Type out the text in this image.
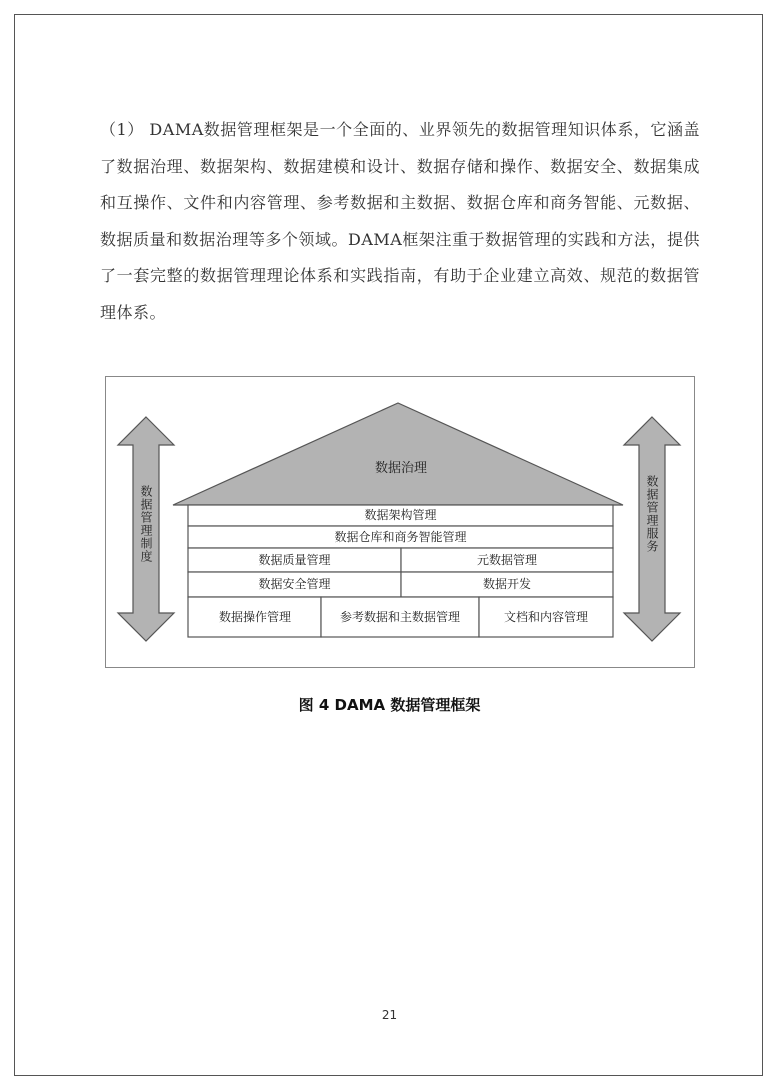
（1） DAMA数据管理框架是一个全面的、业界领先的数据管理知识体系，它涵盖了数据治理、数据架构、数据建模和设计、数据存储和操作、数据安全、数据集成和互操作、文件和内容管理、参考数据和主数据、数据仓库和商务智能、元数据、数据质量和数据治理等多个领域。DAMA框架注重于数据管理的实践和方法，提供了一套完整的数据管理理论体系和实践指南，有助于企业建立高效、规范的数据管理体系。
数据管理制度	数据管理服务
数据治理
数据架构管理
数据仓库和商务智能管理
数据质量管理	元数据管理
数据安全管理	数据开发
数据操作管理	参考数据和主数据管理	文档和内容管理
图 4 DAMA 数据管理框架
21
